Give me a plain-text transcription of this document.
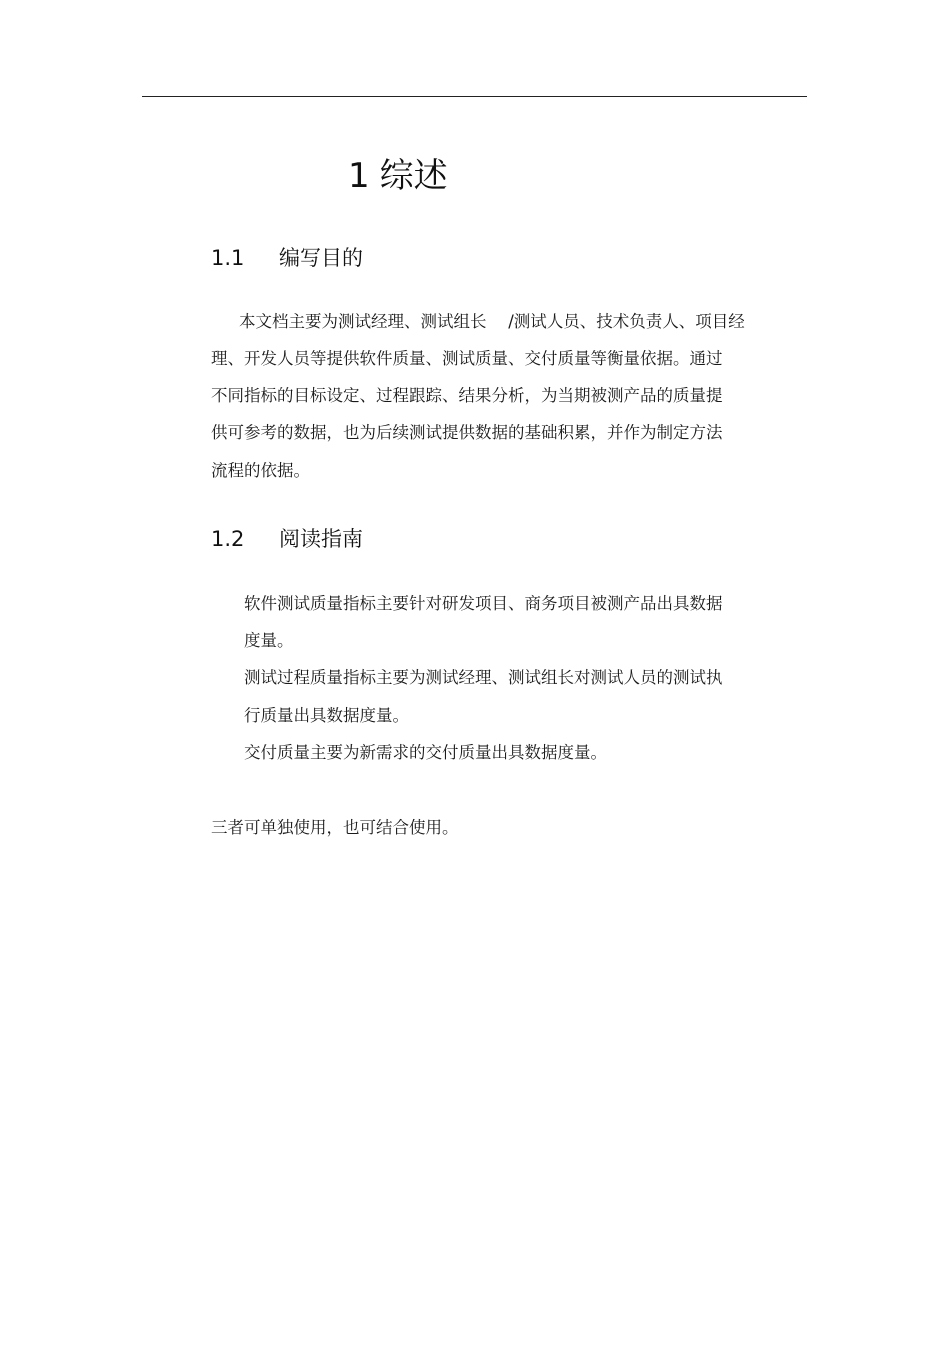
1 综述
1.1 编写目的
本文档主要为测试经理、测试组长　 /测试人员、技术负责人、项目经
理、开发人员等提供软件质量、测试质量、交付质量等衡量依据。通过
不同指标的目标设定、过程跟踪、结果分析，为当期被测产品的质量提
供可参考的数据，也为后续测试提供数据的基础积累，并作为制定方法
流程的依据。
1.2 阅读指南
软件测试质量指标主要针对研发项目、商务项目被测产品出具数据
度量。
测试过程质量指标主要为测试经理、测试组长对测试人员的测试执
行质量出具数据度量。
交付质量主要为新需求的交付质量出具数据度量。
三者可单独使用，也可结合使用。
